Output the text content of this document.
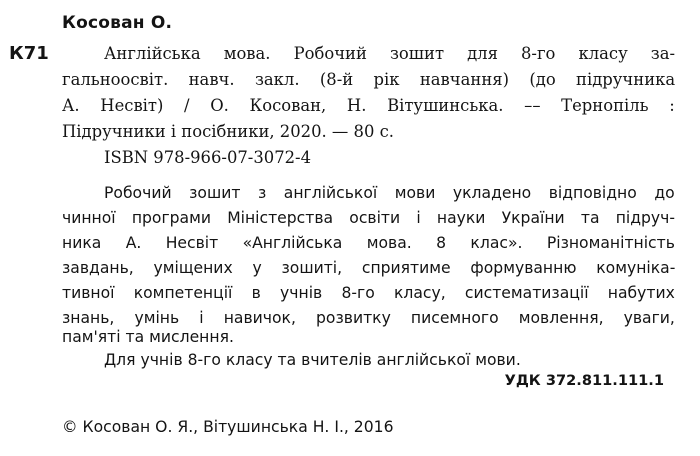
Косован О.
К71	Англійська мова. Робочий зошит для 8-го класу за-
гальноосвіт. навч. закл. (8-й рік навчання) (до підручника
А. Несвіт) / О. Косован, Н. Вітушинська. –– Тернопіль :
Підручники і посібники, 2020. — 80 с.
ISBN 978-966-07-3072-4
Робочий зошит з англійської мови укладено відповідно до
чинної програми Міністерства освіти і науки України та підруч-
ника А. Несвіт «Англійська мова. 8 клас». Різноманітність
завдань, уміщених у зошиті, сприятиме формуванню комуніка-
тивної компетенції в учнів 8-го класу, систематизації набутих
знань, умінь і навичок, розвитку писемного мовлення, уваги,
пам'яті та мислення.
Для учнів 8-го класу та вчителів англійської мови.
УДК 372.811.111.1
© Косован О. Я., Вітушинська Н. І., 2016
